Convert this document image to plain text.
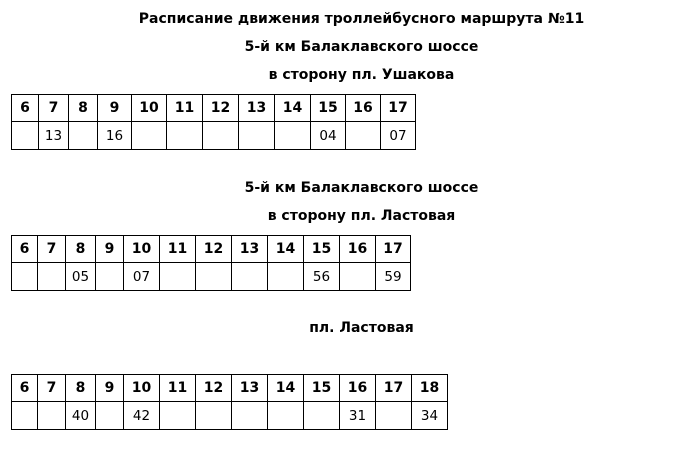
Расписание движения троллейбусного маршрута №11
5-й км Балаклавского шоссе
в сторону пл. Ушакова
6	7	8	9	10	11	12	13	14	15	16	17
	13		16						04		07
5-й км Балаклавского шоссе
в сторону пл. Ластовая
6	7	8	9	10	11	12	13	14	15	16	17
		05		07					56		59
пл. Ластовая
6	7	8	9	10	11	12	13	14	15	16	17	18
		40		42						31		34
